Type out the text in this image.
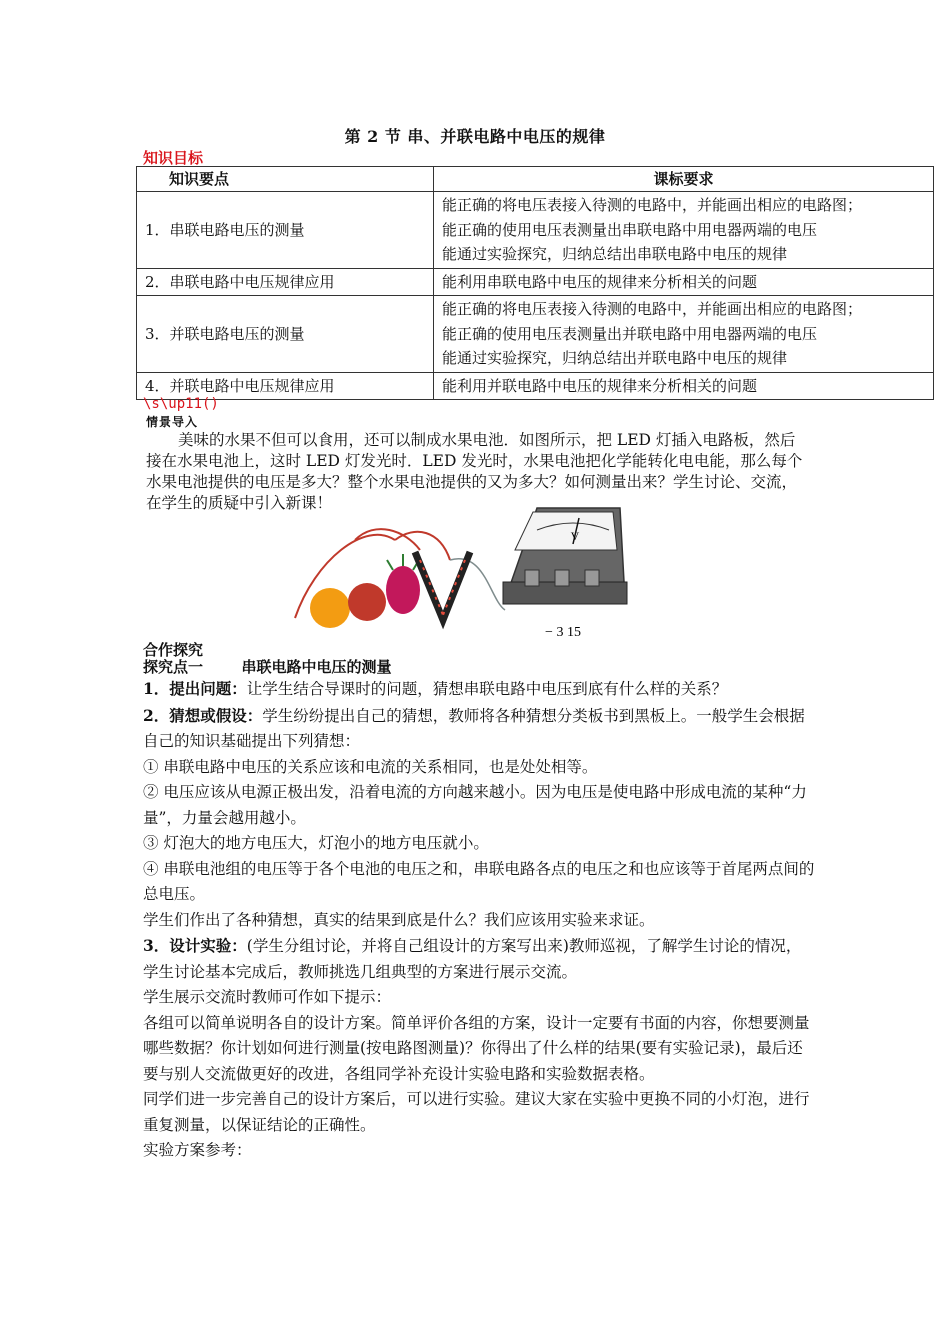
第 2 节 串、并联电路中电压的规律
知识目标
知识要点	课标要求
1．串联电路电压的测量	能正确的将电压表接入待测的电路中，并能画出相应的电路图；
能正确的使用电压表测量出串联电路中用电器两端的电压
能通过实验探究，归纳总结出串联电路中电压的规律

2．串联电路中电压规律应用	能利用串联电路中电压的规律来分析相关的问题

3．并联电路电压的测量	能正确的将电压表接入待测的电路中，并能画出相应的电路图；
能正确的使用电压表测量出并联电路中用电器两端的电压
能通过实验探究，归纳总结出并联电路中电压的规律

4．并联电路中电压规律应用	能利用并联电路中电压的规律来分析相关的问题
\s\up11()
情景导入
美味的水果不但可以食用，还可以制成水果电池．如图所示，把 LED 灯插入电路板，然后接在水果电池上，这时 LED 灯发光时．LED 发光时，水果电池把化学能转化电电能，那么每个水果电池提供的电压是多大？整个水果电池提供的又为多大？如何测量出来？学生讨论、交流，在学生的质疑中引入新课！
V
− 3 15
合作探究
探究点一	串联电路中电压的测量

1．提出问题：让学生结合导课时的问题，猜想串联电路中电压到底有什么样的关系？

2．猜想或假设：学生纷纷提出自己的猜想，教师将各种猜想分类板书到黑板上。一般学生会根据自己的知识基础提出下列猜想：

① 串联电路中电压的关系应该和电流的关系相同，也是处处相等。

② 电压应该从电源正极出发，沿着电流的方向越来越小。因为电压是使电路中形成电流的某种“力量”，力量会越用越小。

③ 灯泡大的地方电压大，灯泡小的地方电压就小。

④ 串联电池组的电压等于各个电池的电压之和，串联电路各点的电压之和也应该等于首尾两点间的总电压。

学生们作出了各种猜想，真实的结果到底是什么？我们应该用实验来求证。

3．设计实验：(学生分组讨论，并将自己组设计的方案写出来)教师巡视，了解学生讨论的情况，学生讨论基本完成后，教师挑选几组典型的方案进行展示交流。

学生展示交流时教师可作如下提示：

各组可以简单说明各自的设计方案。简单评价各组的方案，设计一定要有书面的内容，你想要测量哪些数据？你计划如何进行测量(按电路图测量)？你得出了什么样的结果(要有实验记录)，最后还要与别人交流做更好的改进，各组同学补充设计实验电路和实验数据表格。

同学们进一步完善自己的设计方案后，可以进行实验。建议大家在实验中更换不同的小灯泡，进行重复测量，以保证结论的正确性。

实验方案参考：
